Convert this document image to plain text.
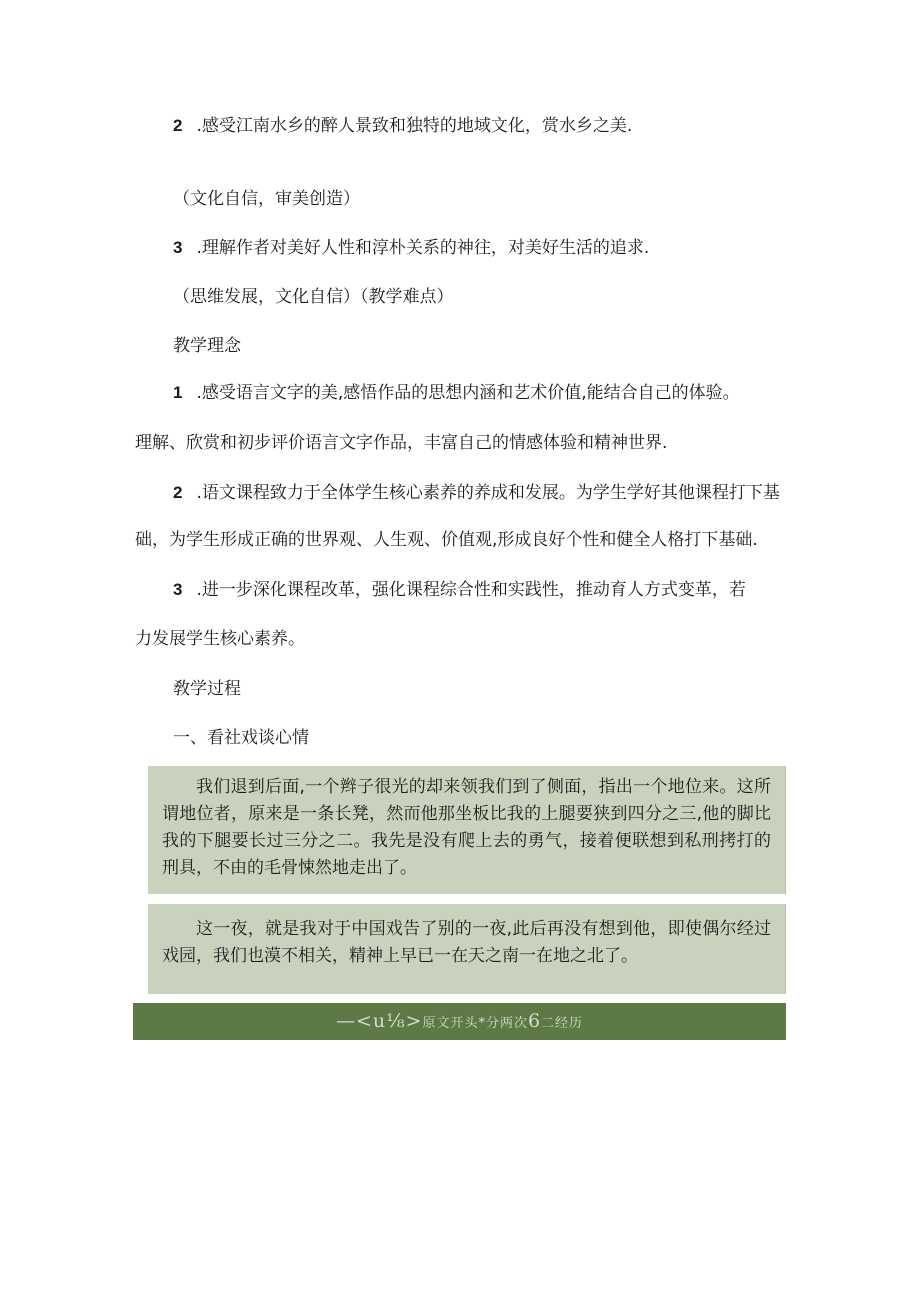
2 .感受江南水乡的醉人景致和独特的地域文化，赏水乡之美.
（文化自信，审美创造）
3 .理解作者对美好人性和淳朴关系的神往，对美好生活的追求.
（思维发展，文化自信）（教学难点）
教学理念
1 .感受语言文字的美,感悟作品的思想内涵和艺术价值,能结合自己的体验。
理解、欣赏和初步评价语言文字作品，丰富自己的情感体验和精神世界.
2 .语文课程致力于全体学生核心素养的养成和发展。为学生学好其他课程打下基
础，为学生形成正确的世界观、人生观、价值观,形成良好个性和健全人格打下基础.
3 .进一步深化课程改革，强化课程综合性和实践性，推动育人方式变革，若
力发展学生核心素养。
敎学过程
一、看社戏谈心情

我们退到后面,一个辫子很光的却来领我们到了侧面，指出一个地位来。这所谓地位者，原来是一条长凳，然而他那坐板比我的上腿要狭到四分之三,他的脚比我的下腿要长过三分之二。我先是没有爬上去的勇气，接着便联想到私刑拷打的刑具，不由的毛骨悚然地走出了。

这一夜，就是我对于中国戏告了别的一夜,此后再没有想到他，即使偶尔经过戏园，我们也漠不相关，精神上早已一在天之南一在地之北了。

—<u⅛>原文开头*分两次6二经历
